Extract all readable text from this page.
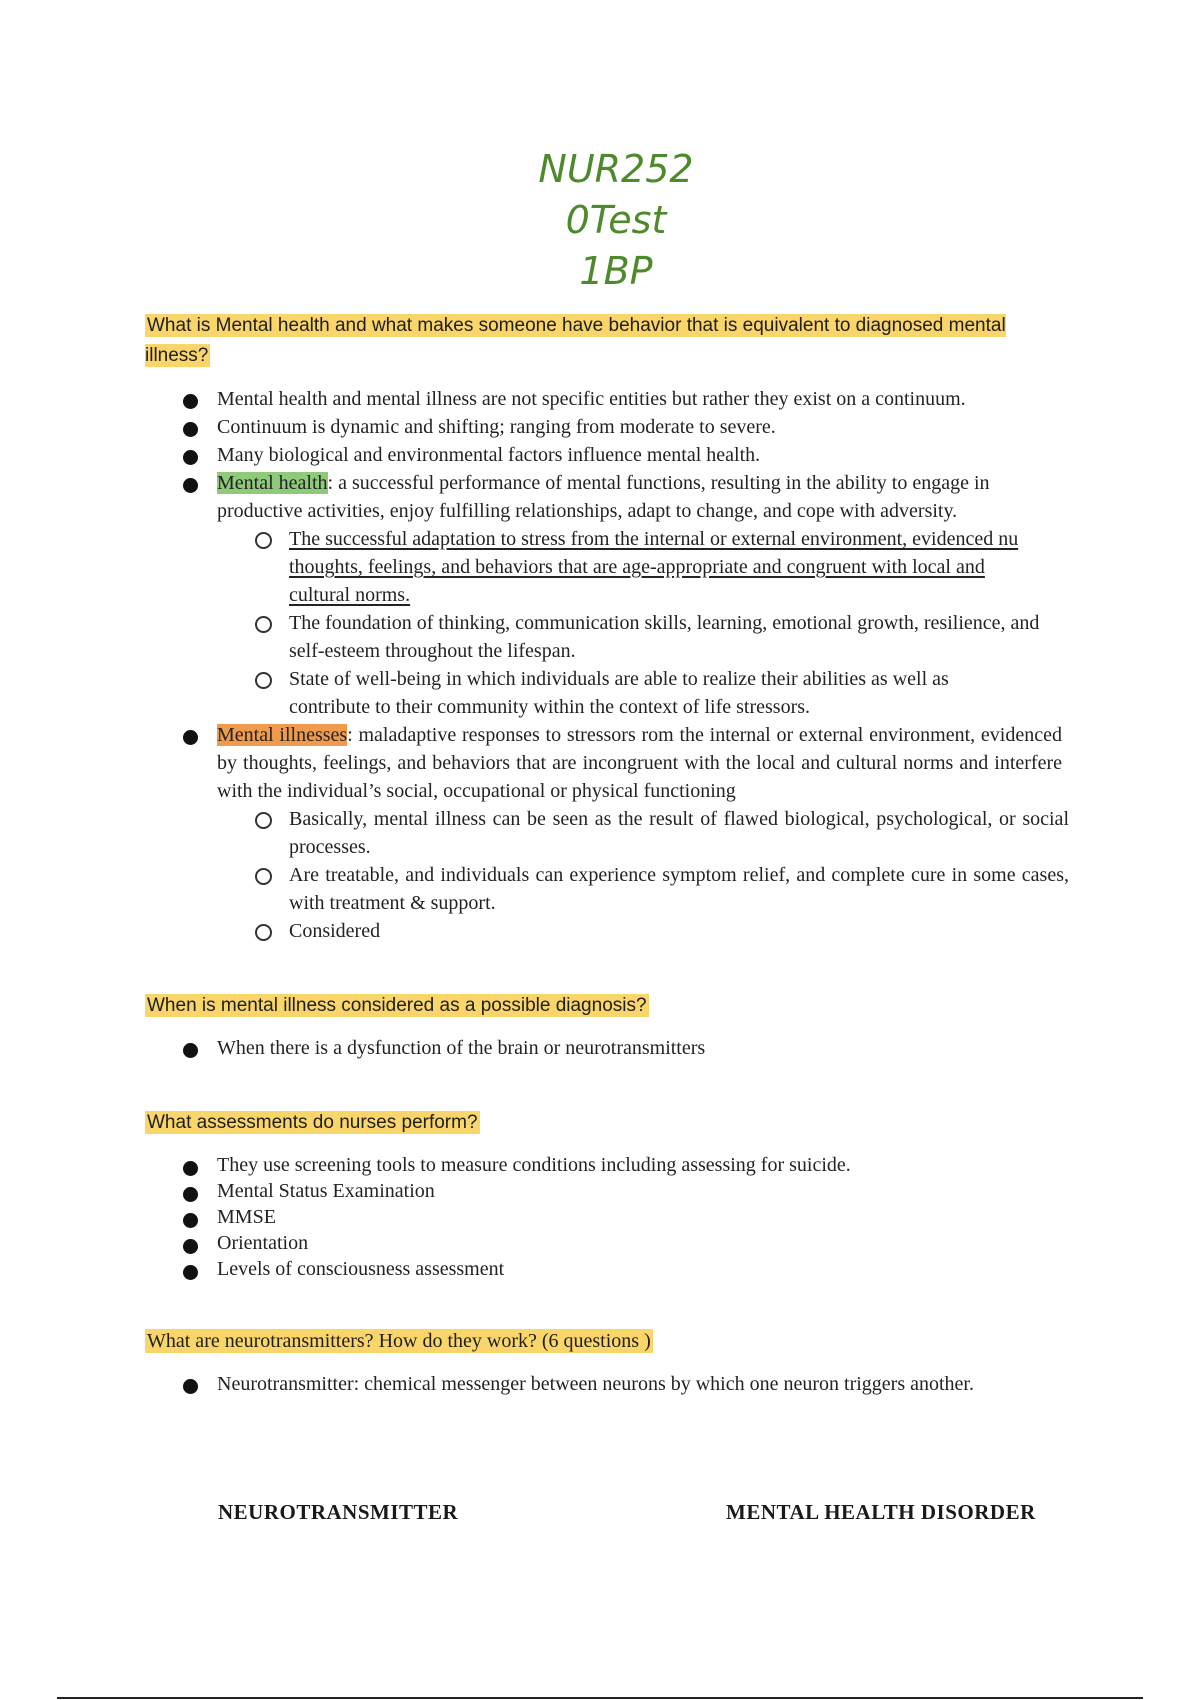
NUR252
0Test
1BP
What is Mental health and what makes someone have behavior that is equivalent to diagnosed mental illness?
Mental health and mental illness are not specific entities but rather they exist on a continuum.
Continuum is dynamic and shifting; ranging from moderate to severe.
Many biological and environmental factors influence mental health.
Mental health: a successful performance of mental functions, resulting in the ability to engage in productive activities, enjoy fulfilling relationships, adapt to change, and cope with adversity.
The successful adaptation to stress from the internal or external environment, evidenced nu thoughts, feelings, and behaviors that are age-appropriate and congruent with local and cultural norms.
The foundation of thinking, communication skills, learning, emotional growth, resilience, and self-esteem throughout the lifespan.
State of well-being in which individuals are able to realize their abilities as well as contribute to their community within the context of life stressors.
Mental illnesses: maladaptive responses to stressors rom the internal or external environment, evidenced by thoughts, feelings, and behaviors that are incongruent with the local and cultural norms and interfere with the individual’s social, occupational or physical functioning
Basically, mental illness can be seen as the result of flawed biological, psychological, or social processes.
Are treatable, and individuals can experience symptom relief, and complete cure in some cases, with treatment & support.
Considered
When is mental illness considered as a possible diagnosis?
When there is a dysfunction of the brain or neurotransmitters
What assessments do nurses perform?
They use screening tools to measure conditions including assessing for suicide.
Mental Status Examination
MMSE
Orientation
Levels of consciousness assessment
What are neurotransmitters? How do they work? (6 questions )
Neurotransmitter: chemical messenger between neurons by which one neuron triggers another.
NEUROTRANSMITTER	MENTAL HEALTH DISORDER
